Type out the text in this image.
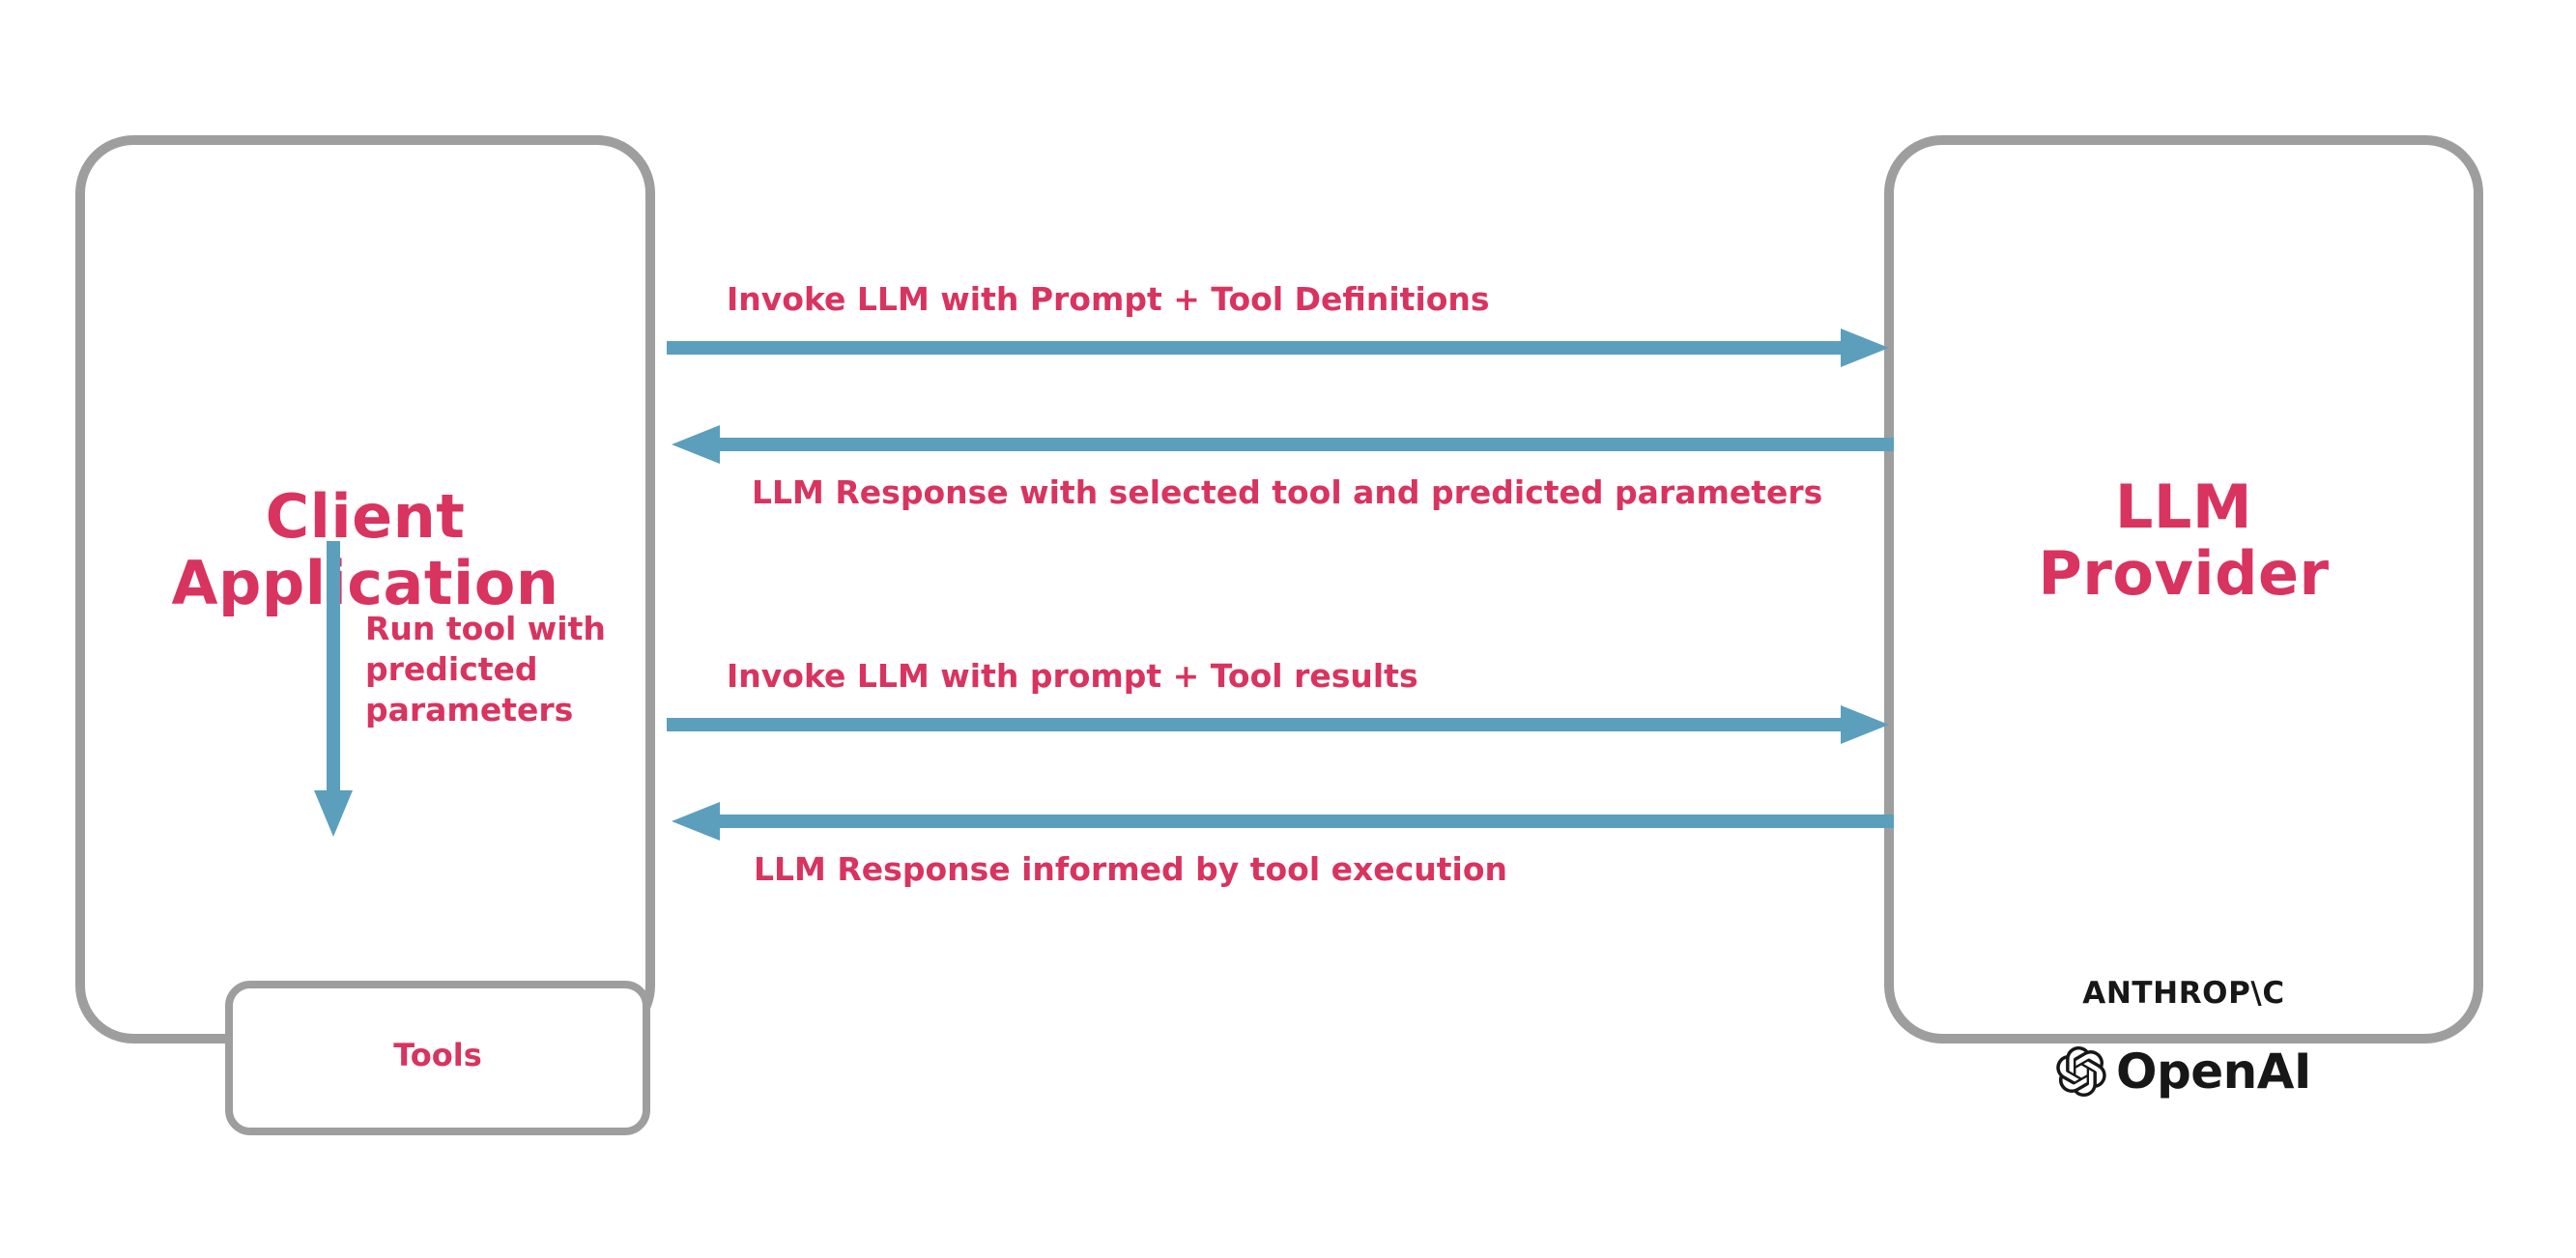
Client
Application
Tools
LLM
Provider
ANTHROP\C
OpenAI
Invoke LLM with Prompt + Tool Definitions
LLM Response with selected tool and predicted parameters
Run tool with predicted parameters
Invoke LLM with prompt + Tool results
LLM Response informed by tool execution
